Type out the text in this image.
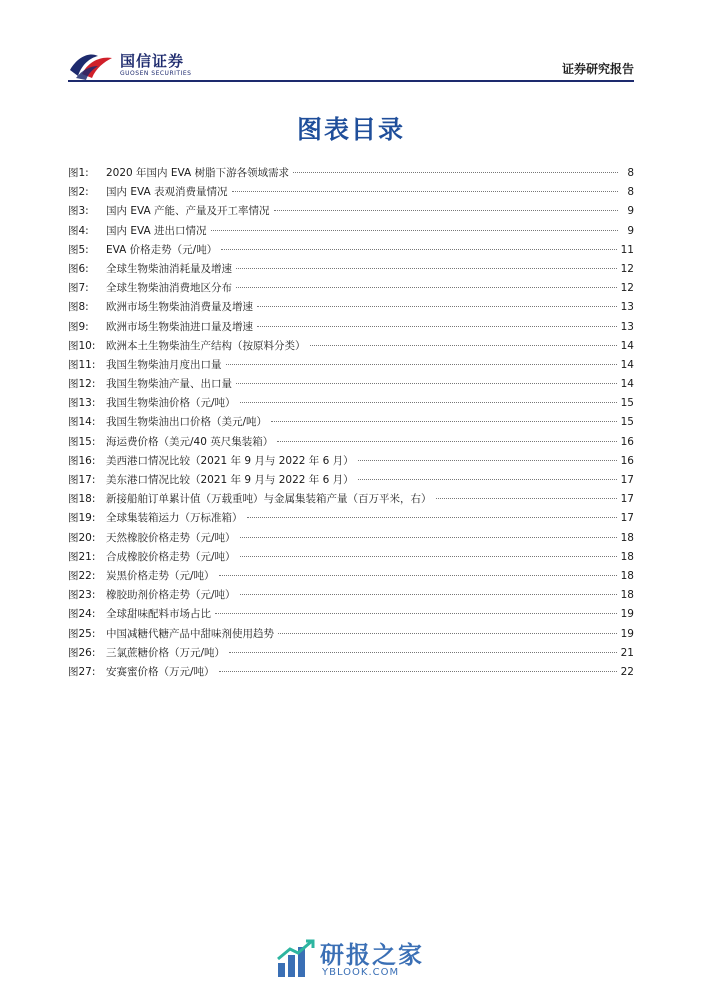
国信证券
GUOSEN SECURITIES	证券研究报告
图表目录
图1:	2020 年国内 EVA 树脂下游各领域需求	8
图2:	国内 EVA 表观消费量情况	8
图3:	国内 EVA 产能、产量及开工率情况	9
图4:	国内 EVA 进出口情况	9
图5:	EVA 价格走势（元/吨）	11
图6:	全球生物柴油消耗量及增速	12
图7:	全球生物柴油消费地区分布	12
图8:	欧洲市场生物柴油消费量及增速	13
图9:	欧洲市场生物柴油进口量及增速	13
图10:	欧洲本土生物柴油生产结构（按原料分类）	14
图11:	我国生物柴油月度出口量	14
图12:	我国生物柴油产量、出口量	14
图13:	我国生物柴油价格（元/吨）	15
图14:	我国生物柴油出口价格（美元/吨）	15
图15:	海运费价格（美元/40 英尺集装箱）	16
图16:	美西港口情况比较（2021 年 9 月与 2022 年 6 月）	16
图17:	美东港口情况比较（2021 年 9 月与 2022 年 6 月）	17
图18:	新接船舶订单累计值（万载重吨）与金属集装箱产量（百万平米，右）	17
图19:	全球集装箱运力（万标准箱）	17
图20:	天然橡胶价格走势（元/吨）	18
图21:	合成橡胶价格走势（元/吨）	18
图22:	炭黑价格走势（元/吨）	18
图23:	橡胶助剂价格走势（元/吨）	18
图24:	全球甜味配料市场占比	19
图25:	中国减糖代糖产品中甜味剂使用趋势	19
图26:	三氯蔗糖价格（万元/吨）	21
图27:	安赛蜜价格（万元/吨）	22
研报之家
YBLOOK.COM
